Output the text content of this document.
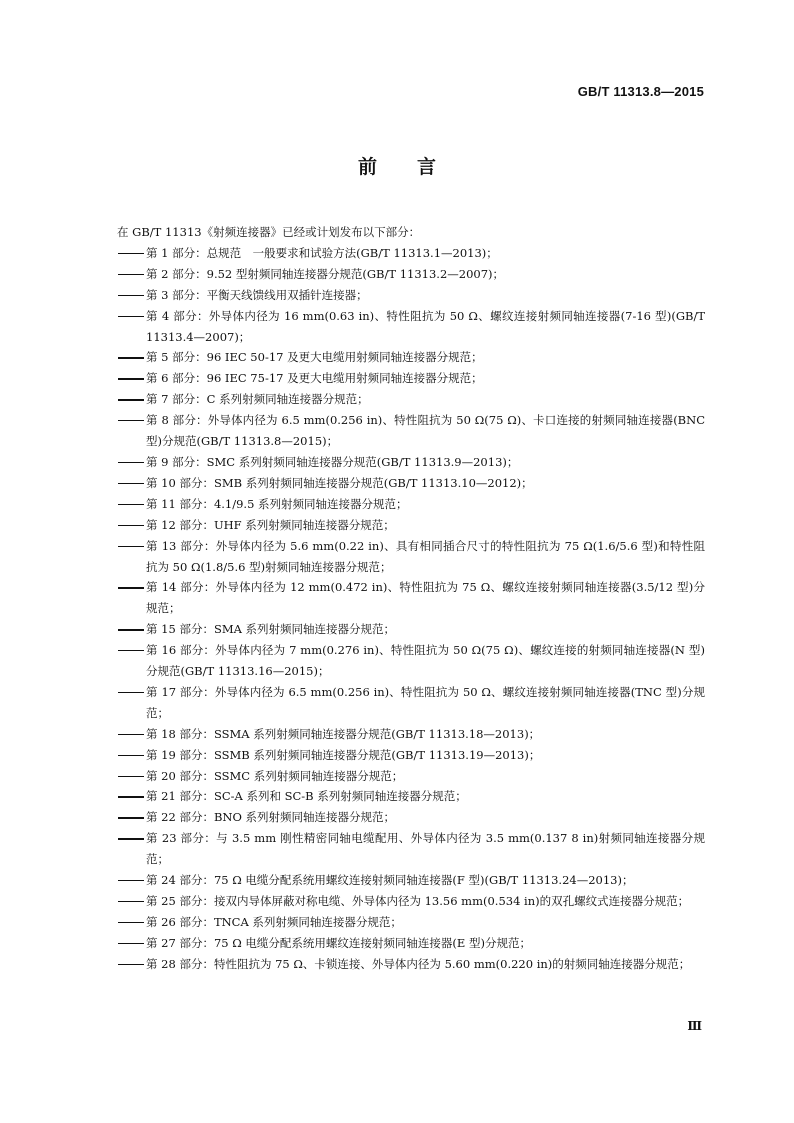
GB/T 11313.8—2015
前言
在 GB/T 11313《射频连接器》已经或计划发布以下部分：
第 1 部分：总规范　一般要求和试验方法(GB/T 11313.1—2013)；
第 2 部分：9.52 型射频同轴连接器分规范(GB/T 11313.2—2007)；
第 3 部分：平衡天线馈线用双插针连接器；
第 4 部分：外导体内径为 16 mm(0.63 in)、特性阻抗为 50 Ω、螺纹连接射频同轴连接器(7-16 型)(GB/T 11313.4—2007)；
第 5 部分：96 IEC 50-17 及更大电缆用射频同轴连接器分规范；
第 6 部分：96 IEC 75-17 及更大电缆用射频同轴连接器分规范；
第 7 部分：C 系列射频同轴连接器分规范；
第 8 部分：外导体内径为 6.5 mm(0.256 in)、特性阻抗为 50 Ω(75 Ω)、卡口连接的射频同轴连接器(BNC 型)分规范(GB/T 11313.8—2015)；
第 9 部分：SMC 系列射频同轴连接器分规范(GB/T 11313.9—2013)；
第 10 部分：SMB 系列射频同轴连接器分规范(GB/T 11313.10—2012)；
第 11 部分：4.1/9.5 系列射频同轴连接器分规范；
第 12 部分：UHF 系列射频同轴连接器分规范；
第 13 部分：外导体内径为 5.6 mm(0.22 in)、具有相同插合尺寸的特性阻抗为 75 Ω(1.6/5.6 型)和特性阻抗为 50 Ω(1.8/5.6 型)射频同轴连接器分规范；
第 14 部分：外导体内径为 12 mm(0.472 in)、特性阻抗为 75 Ω、螺纹连接射频同轴连接器(3.5/12 型)分规范；
第 15 部分：SMA 系列射频同轴连接器分规范；
第 16 部分：外导体内径为 7 mm(0.276 in)、特性阻抗为 50 Ω(75 Ω)、螺纹连接的射频同轴连接器(N 型)分规范(GB/T 11313.16—2015)；
第 17 部分：外导体内径为 6.5 mm(0.256 in)、特性阻抗为 50 Ω、螺纹连接射频同轴连接器(TNC 型)分规范；
第 18 部分：SSMA 系列射频同轴连接器分规范(GB/T 11313.18—2013)；
第 19 部分：SSMB 系列射频同轴连接器分规范(GB/T 11313.19—2013)；
第 20 部分：SSMC 系列射频同轴连接器分规范；
第 21 部分：SC-A 系列和 SC-B 系列射频同轴连接器分规范；
第 22 部分：BNO 系列射频同轴连接器分规范；
第 23 部分：与 3.5 mm 刚性精密同轴电缆配用、外导体内径为 3.5 mm(0.137 8 in)射频同轴连接器分规范；
第 24 部分：75 Ω 电缆分配系统用螺纹连接射频同轴连接器(F 型)(GB/T 11313.24—2013)；
第 25 部分：接双内导体屏蔽对称电缆、外导体内径为 13.56 mm(0.534 in)的双孔螺纹式连接器分规范；
第 26 部分：TNCA 系列射频同轴连接器分规范；
第 27 部分：75 Ω 电缆分配系统用螺纹连接射频同轴连接器(E 型)分规范；
第 28 部分：特性阻抗为 75 Ω、卡锁连接、外导体内径为 5.60 mm(0.220 in)的射频同轴连接器分规范；
Ⅲ
